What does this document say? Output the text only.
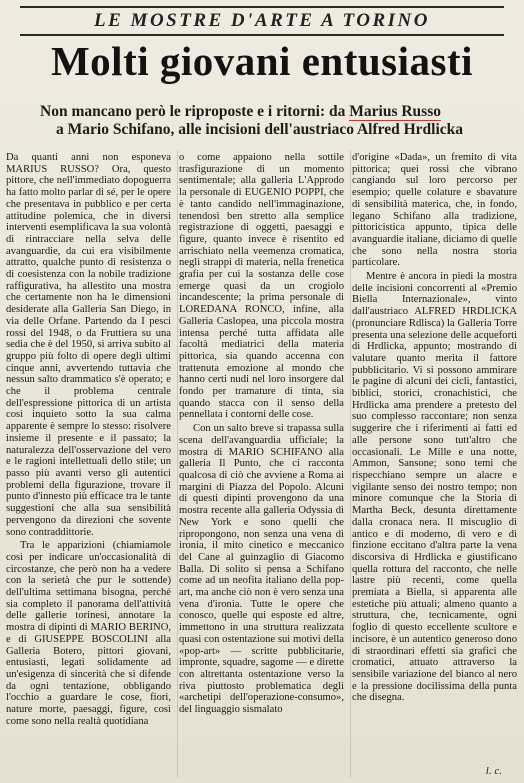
LE MOSTRE D'ARTE A TORINO
Molti giovani entusiasti
Non mancano però le riproposte e i ritorni: da Marius Russo
a Mario Schifano, alle incisioni dell'austriaco Alfred Hrdlicka

Da quanti anni non esponeva MARIUS RUSSO? Ora, questo pittore, che nell'immediato dopoguerra ha fatto molto parlar di sé, per le opere che presentava in pubblico e per certa attitudine polemica, che in diversi interventi esemplificava la sua volontà di rintracciare nella selva delle avanguardie, da cui era visibilmente attratto, qualche punto di resistenza o di coesistenza con la nobile tradizione raffigurativa, ha allestito una mostra che certamente non ha le dimensioni desiderate alla Galleria San Diego, in via delle Orfane. Partendo da I pesci rossi del 1948, o da Fruttiera su una sedia che è del 1950, si arriva subito al gruppo più folto di opere degli ultimi cinque anni, avvertendo tuttavia che nessun salto drammatico s'è operato; e che il problema centrale dell'espressione pittorica di un artista così inquieto sotto la sua calma apparente è sempre lo stesso: risolvere insieme il presente e il passato; la naturalezza dell'osservazione del vero e le ragioni intellettuali dello stile; un passo più avanti verso gli autentici problemi della figurazione, trovare il punto d'innesto più efficace tra le tante suggestioni che alla sua sensibilità pervengono da direzioni che sovente sono contraddittorie.

Tra le apparizioni (chiamiamole così per indicare un'occasionalità di circostanze, che però non ha a vedere con la serietà che pur le sottende) dell'ultima settimana bisogna, perché sia completo il panorama dell'attività delle gallerie torinesi, annotare la mostra di dipinti di MARIO BERINO, e di GIUSEPPE BOSCOLINI alla Galleria Botero, pittori giovani, entusiasti, legati solidamente ad un'esigenza di sincerità che si difende da ogni tentazione, obbligando l'occhio a guardare le cose, fiori, nature morte, paesaggi, figure, così come sono nella realtà quotidiana

o come appaiono nella sottile trasfigurazione di un momento sentimentale; alla galleria L'Approdo la personale di EUGENIO POPPI, che è tanto candido nell'immaginazione, tenendosi ben stretto alla semplice registrazione di oggetti, paesaggi e figure, quanto invece è risentito ed arrischiato nella veemenza cromatica, negli strappi di materia, nella frenetica grafia per cui la sostanza delle cose emerge quasi da un crogiolo incandescente; la prima personale di LOREDANA RONCO, infine, alla Galleria Caslopea, una piccola mostra intensa perché tutta affidata alle facoltà mediatrici della materia pittorica, sia quando accenna con trattenuta emozione al mondo che hanno certi nudi nel loro insorgere dal fondo per tramature di tinta, sia quando stacca con il senso della pennellata i contorni delle cose.

Con un salto breve si trapassa sulla scena dell'avanguardia ufficiale; la mostra di MARIO SCHIFANO alla galleria Il Punto, che ci racconta qualcosa di ciò che avviene a Roma ai margini di Piazza del Popolo. Alcuni di questi dipinti provengono da una mostra recente alla galleria Odyssia di New York e sono quelli che ripropongono, non senza una vena di ironia, il mito cinetico e meccanico del Cane al guinzaglio di Giacomo Balla. Di solito si pensa a Schifano come ad un neofita italiano della pop-art, ma anche ciò non è vero senza una vena d'ironia. Tutte le opere che conosco, quelle qui esposte ed altre, immettono in una struttura realizzata quasi con ostentazione sui motivi della «pop-art» — scritte pubblicitarie, impronte, squadre, sagome — e dirette con altrettanta ostentazione verso la riva piuttosto problematica degli «archetipi dell'operazione-consumo», del linguaggio sismalato

d'origine «Dada», un fremito di vita pittorica; quei rossi che vibrano cangiando sul loro percorso per esempio; quelle colature e sbavature di sensibilità materica, che, in fondo, legano Schifano alla tradizione, pittoricistica appunto, tipica delle avanguardie italiane, diciamo di quelle che sono nella nostra storia particolare.

Mentre è ancora in piedi la mostra delle incisioni concorrenti al «Premio Biella Internazionale», vinto dall'austriaco ALFRED HRDLICKA (pronunciare Rdlisca) la Galleria Torre presenta una selezione delle acqueforti di Hrdlicka, appunto; mostrando di valutare quanto merita il fattore pubblicitario. Vi si possono ammirare le pagine di alcuni dei cicli, fantastici, biblici, storici, cronachistici, che Hrdlicka ama prendere a pretesto del suo complesso raccontare; non senza suggerire che i riferimenti ai fatti ed alle persone sono tutt'altro che occasionali. Le Mille e una notte, Ammon, Sansone; sono temi che rispecchiano sempre un alacre e vigilante senso dei nostro tempo; non minore comunque che la Storia di Martha Beck, desunta direttamente dalla cronaca nera. Il miscuglio di antico e di moderno, di vero e di finzione eccitano d'altra parte la vena discorsiva di Hrdlicka e giustificano quella rottura del racconto, che nelle lastre più recenti, come quella premiata a Biella, si apparenta alle estetiche più attuali; almeno quanto a struttura, che, tecnicamente, ogni foglio di questo eccellente scultore e incisore, è un autentico generoso dono di straordinari effetti sia grafici che cromatici, attuato attraverso la sensibile variazione del bianco al nero e la pressione docilissima della punta che disegna.

l. c.
